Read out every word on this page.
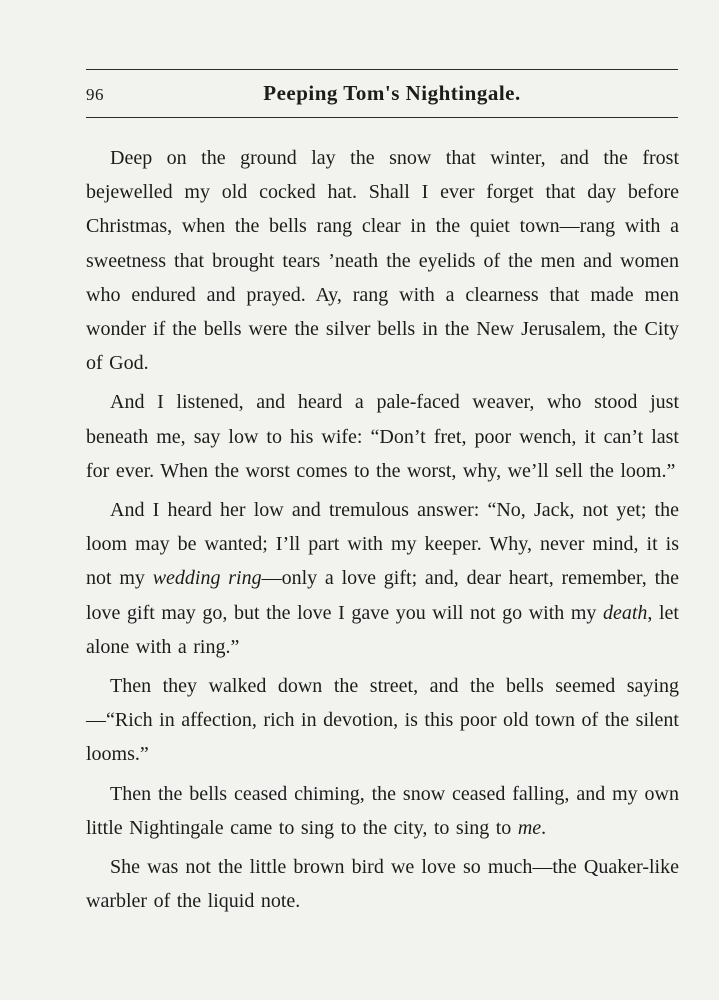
96	Peeping Tom's Nightingale.

Deep on the ground lay the snow that winter, and the frost bejewelled my old cocked hat. Shall I ever forget that day before Christmas, when the bells rang clear in the quiet town—rang with a sweetness that brought tears ’neath the eyelids of the men and women who endured and prayed. Ay, rang with a clearness that made men wonder if the bells were the silver bells in the New Jerusalem, the City of God.

And I listened, and heard a pale-faced weaver, who stood just beneath me, say low to his wife: “Don’t fret, poor wench, it can’t last for ever. When the worst comes to the worst, why, we’ll sell the loom.”

And I heard her low and tremulous answer: “No, Jack, not yet; the loom may be wanted; I’ll part with my keeper. Why, never mind, it is not my wedding ring—only a love gift; and, dear heart, remember, the love gift may go, but the love I gave you will not go with my death, let alone with a ring.”

Then they walked down the street, and the bells seemed saying —“Rich in affection, rich in devotion, is this poor old town of the silent looms.”

Then the bells ceased chiming, the snow ceased falling, and my own little Nightingale came to sing to the city, to sing to me.

She was not the little brown bird we love so much—the Quaker-like warbler of the liquid note.
